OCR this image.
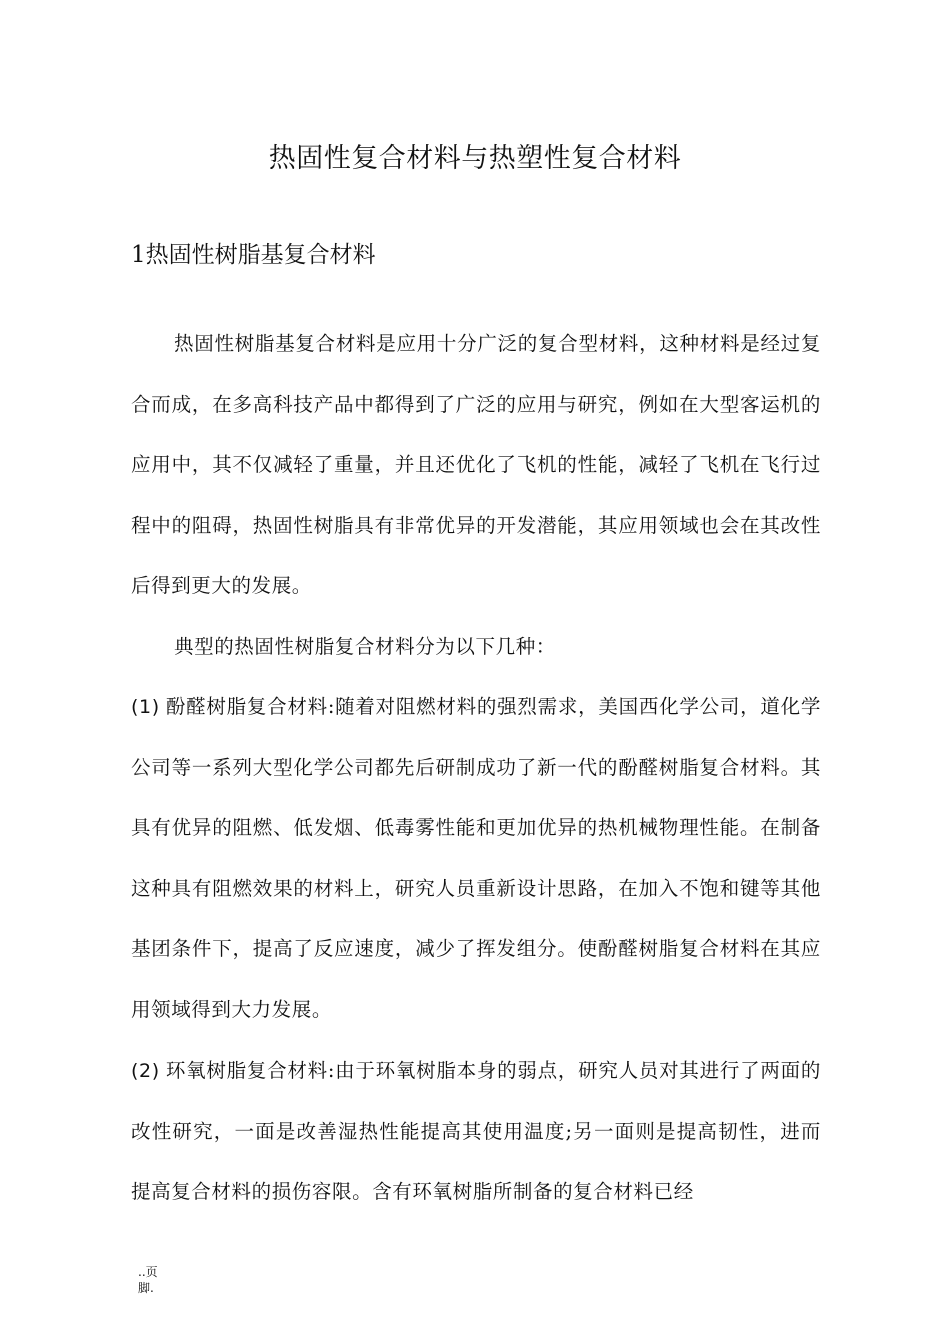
热固性复合材料与热塑性复合材料
1热固性树脂基复合材料

热固性树脂基复合材料是应用十分广泛的复合型材料，这种材料是经过复合而成，在多高科技产品中都得到了广泛的应用与研究，例如在大型客运机的应用中，其不仅减轻了重量，并且还优化了飞机的性能，减轻了飞机在飞行过程中的阻碍，热固性树脂具有非常优异的开发潜能，其应用领域也会在其改性后得到更大的发展。

典型的热固性树脂复合材料分为以下几种：

(1) 酚醛树脂复合材料:随着对阻燃材料的强烈需求，美国西化学公司，道化学公司等一系列大型化学公司都先后研制成功了新一代的酚醛树脂复合材料。其具有优异的阻燃、低发烟、低毒雾性能和更加优异的热机械物理性能。在制备这种具有阻燃效果的材料上，研究人员重新设计思路，在加入不饱和键等其他基团条件下，提高了反应速度，减少了挥发组分。使酚醛树脂复合材料在其应用领域得到大力发展。

(2) 环氧树脂复合材料:由于环氧树脂本身的弱点，研究人员对其进行了两面的改性研究，一面是改善湿热性能提高其使用温度;另一面则是提高韧性，进而提高复合材料的损伤容限。含有环氧树脂所制备的复合材料已经

..页
脚.
